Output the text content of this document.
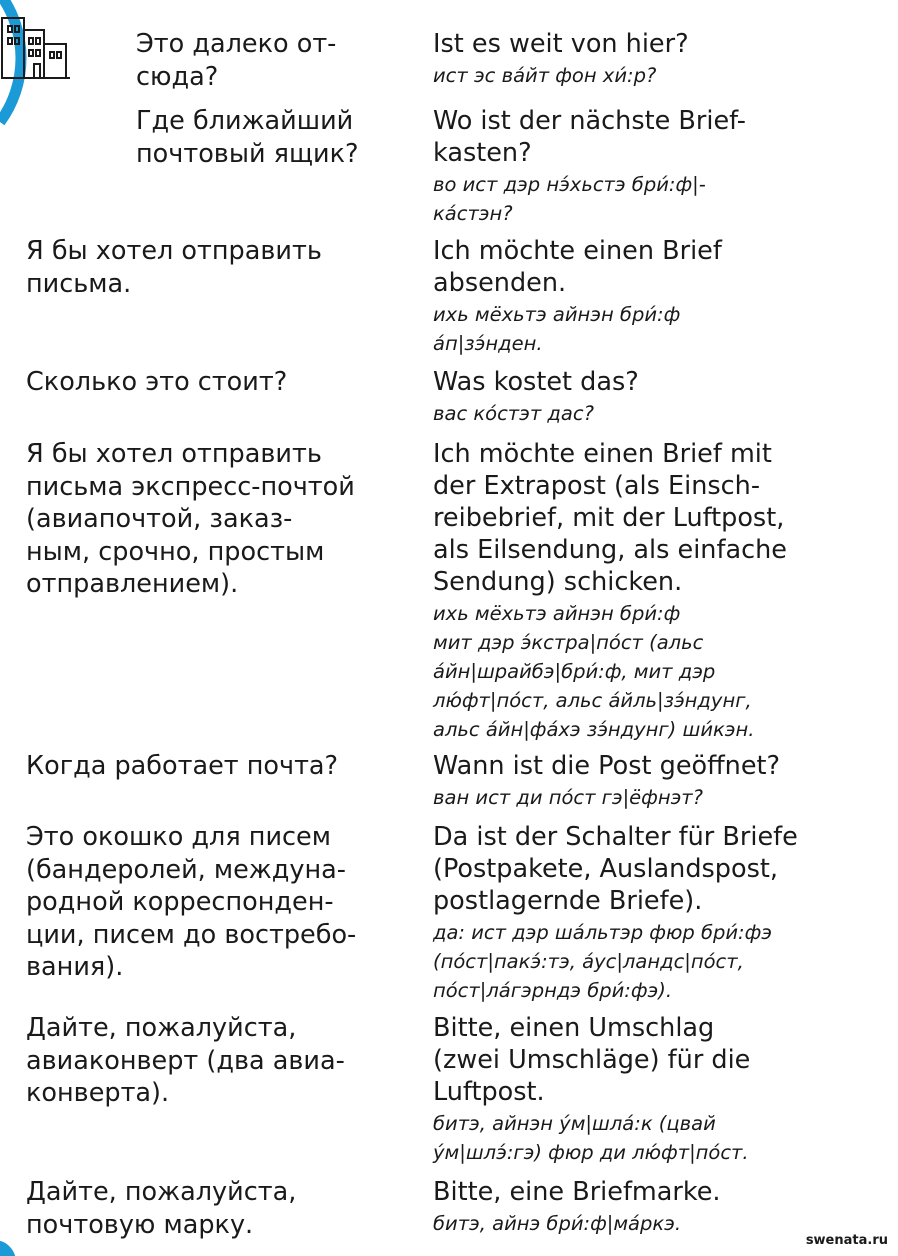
Это далеко от-
сюда?
Ist es weit von hier?
ист эс ва́йт фон хи́:р?
Где ближайший
почтовый ящик?
Wo ist der nächste Brief-
kasten?
во ист дэр нэ́хьстэ бри́:ф|-
ка́стэн?
Я бы хотел отправить
письма.
Ich möchte einen Brief
absenden.
ихь мёхьтэ айнэн бри́:ф
а́п|зэ́нден.
Сколько это стоит?	Was kostet das?
вас ко́стэт дас?
Я бы хотел отправить
письма экспресс-почтой
(авиапочтой, заказ-
ным, срочно, простым
отправлением).
Ich möchte einen Brief mit
der Extrapost (als Einsch-
reibebrief, mit der Luftpost,
als Eilsendung, als einfache
Sendung) schicken.
ихь мёхьтэ айнэн бри́:ф
мит дэр э́кстра|по́ст (альс
а́йн|шрайбэ|бри́:ф, мит дэр
лю́фт|по́ст, альс а́йль|зэ́ндунг,
альс а́йн|фа́хэ зэ́ндунг) ши́кэн.
Когда работает почта?	Wann ist die Post geöffnet?
ван ист ди по́ст гэ|ёфнэт?
Это окошко для писем
(бандеролей, междуна-
родной корреспонден-
ции, писем до востребо-
вания).
Da ist der Schalter für Briefe
(Postpakete, Auslandspost,
postlagernde Briefe).
да: ист дэр ша́льтэр фюр бри́:фэ
(по́ст|пакэ́:тэ, а́ус|ландс|по́ст,
по́ст|ла́гэрндэ бри́:фэ).
Дайте, пожалуйста,
авиаконверт (два авиа-
конверта).
Bitte, einen Umschlag
(zwei Umschläge) für die
Luftpost.
битэ, айнэн у́м|шла́:к (цвай
у́м|шлэ́:гэ) фюр ди лю́фт|по́ст.
Дайте, пожалуйста,
почтовую марку.
Bitte, eine Briefmarke.
битэ, айнэ бри́:ф|ма́ркэ.
swenata.ru
